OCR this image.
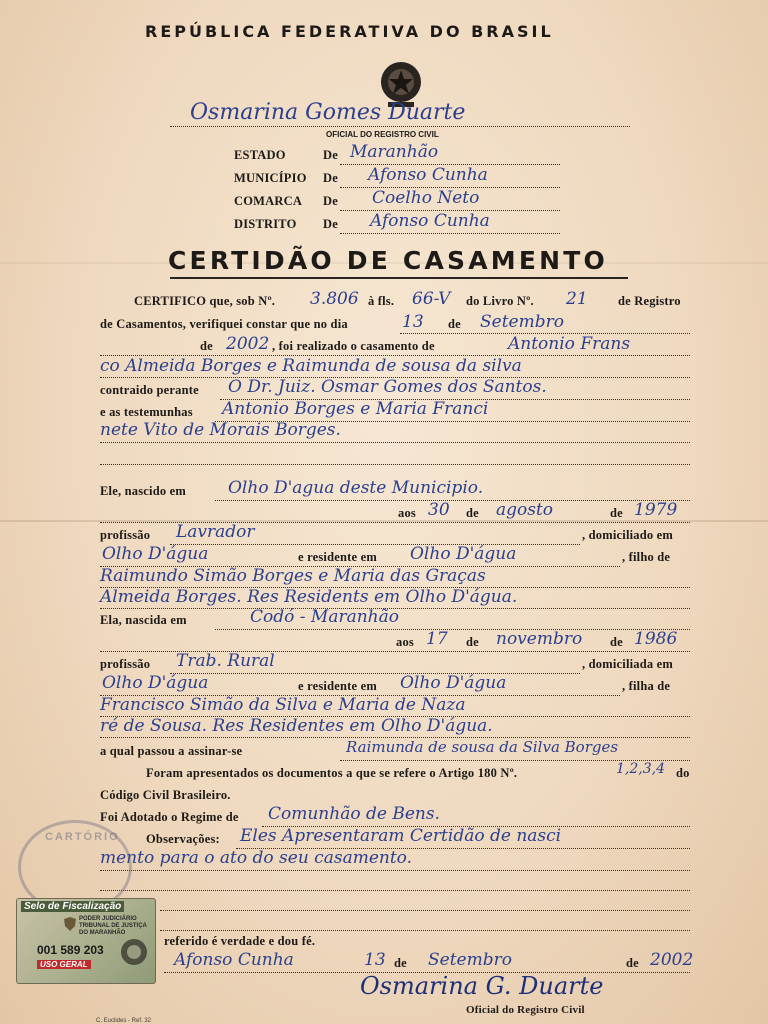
REPÚBLICA FEDERATIVA DO BRASIL
Osmarina Gomes Duarte
OFICIAL DO REGISTRO CIVIL
ESTADO	De Maranhão
MUNICÍPIO De Afonso Cunha
COMARCA De Coelho Neto
DISTRITO De Afonso Cunha
CERTIDÃO DE CASAMENTO
CERTIFICO que, sob Nº. 3.806 à fls. 66-V do Livro Nº. 21 de Registro
de Casamentos, verifiquei constar que no dia	13 de Setembro
de 2002 , foi realizado o casamento de	Antonio Frans
co Almeida Borges e Raimunda de sousa da silva
contraido perante O Dr. Juiz. Osmar Gomes dos Santos.
e as testemunhas Antonio Borges e Maria Franci
nete Vito de Morais Borges.
Ele, nascido em Olho D'agua deste Municipio.
aos 30 de agosto	de 1979
profissão Lavrador	, domiciliado em
Olho D'água	e residente em Olho D'água	, filho de
Raimundo Simão Borges e Maria das Graças
Almeida Borges. Res Residents em Olho D'água.
Ela, nascida em	Codó - Maranhão
aos 17 de novembro de 1986
profissão Trab. Rural	, domiciliada em
Olho D'água	e residente em Olho D'água	, filha de
Francisco Simão da Silva e Maria de Naza
ré de Sousa. Res Residentes em Olho D'água.
a qual passou a assinar-se	Raimunda de sousa da Silva Borges
Foram apresentados os documentos a que se refere o Artigo 180 Nº.	1,2,3,4 do
Código Civil Brasileiro.
Foi Adotado o Regime de Comunhão de Bens.
Observações: Eles Apresentaram Certidão de nasci
mento para o ato do seu casamento.
CARTÓRIO
Selo de Fiscalização
PODER JUDICIÁRIO
TRIBUNAL DE JUSTIÇA
DO MARANHÃO
001 589 203
USO GERAL
referido é verdade e dou fé.
Afonso Cunha	13 de Setembro	de 2002
Osmarina G. Duarte
Oficial do Registro Civil
C. Euclides - Ref. 32
